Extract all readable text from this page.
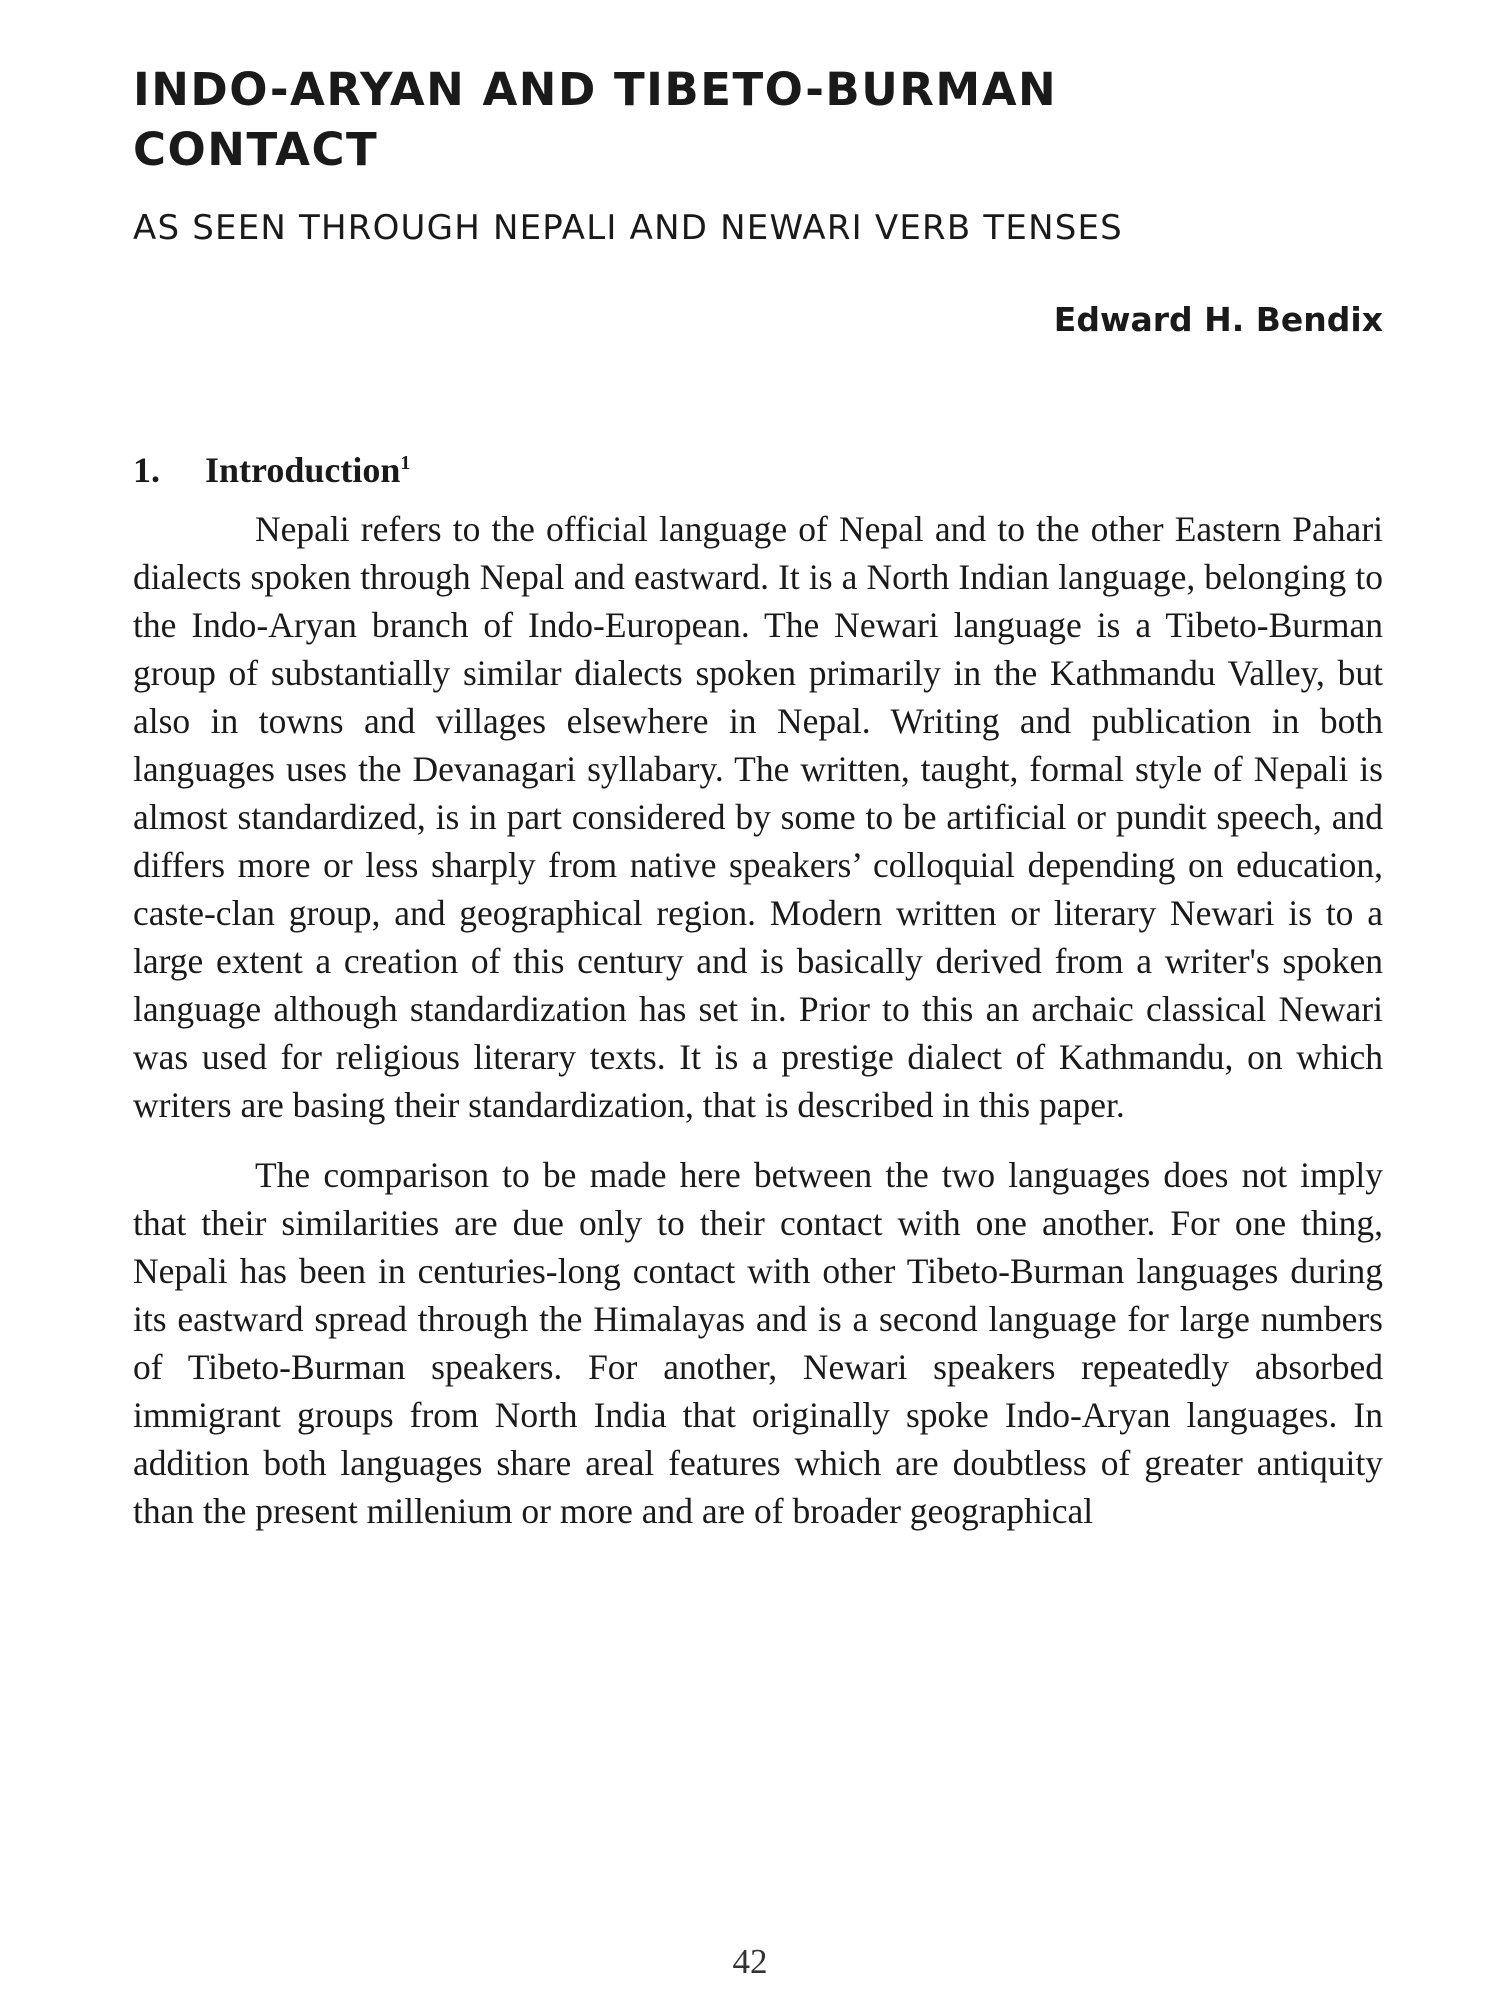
INDO-ARYAN AND TIBETO-BURMAN CONTACT
AS SEEN THROUGH NEPALI AND NEWARI VERB TENSES
Edward H. Bendix
1. Introduction$^1$

Nepali refers to the official language of Nepal and to the other Eastern Pahari dialects spoken through Nepal and eastward. It is a North Indian language, belonging to the Indo-Aryan branch of Indo-European. The Newari language is a Tibeto-Burman group of substantially similar dialects spoken primarily in the Kathmandu Valley, but also in towns and villages elsewhere in Nepal. Writing and publication in both languages uses the Devanagari syllabary. The written, taught, formal style of Nepali is almost standardized, is in part considered by some to be artificial or pundit speech, and differs more or less sharply from native speakers’ colloquial depending on education, caste-clan group, and geographical region. Modern written or literary Newari is to a large extent a creation of this century and is basically derived from a writer's spoken language although standardization has set in. Prior to this an archaic classical Newari was used for religious literary texts. It is a prestige dialect of Kathmandu, on which writers are basing their standardization, that is described in this paper.

The comparison to be made here between the two languages does not imply that their similarities are due only to their contact with one another. For one thing, Nepali has been in centuries-long contact with other Tibeto-Burman languages during its eastward spread through the Himalayas and is a second language for large numbers of Tibeto-Burman speakers. For another, Newari speakers repeatedly absorbed immigrant groups from North India that originally spoke Indo-Aryan languages. In addition both languages share areal features which are doubtless of greater antiquity than the present millenium or more and are of broader geographical

42
